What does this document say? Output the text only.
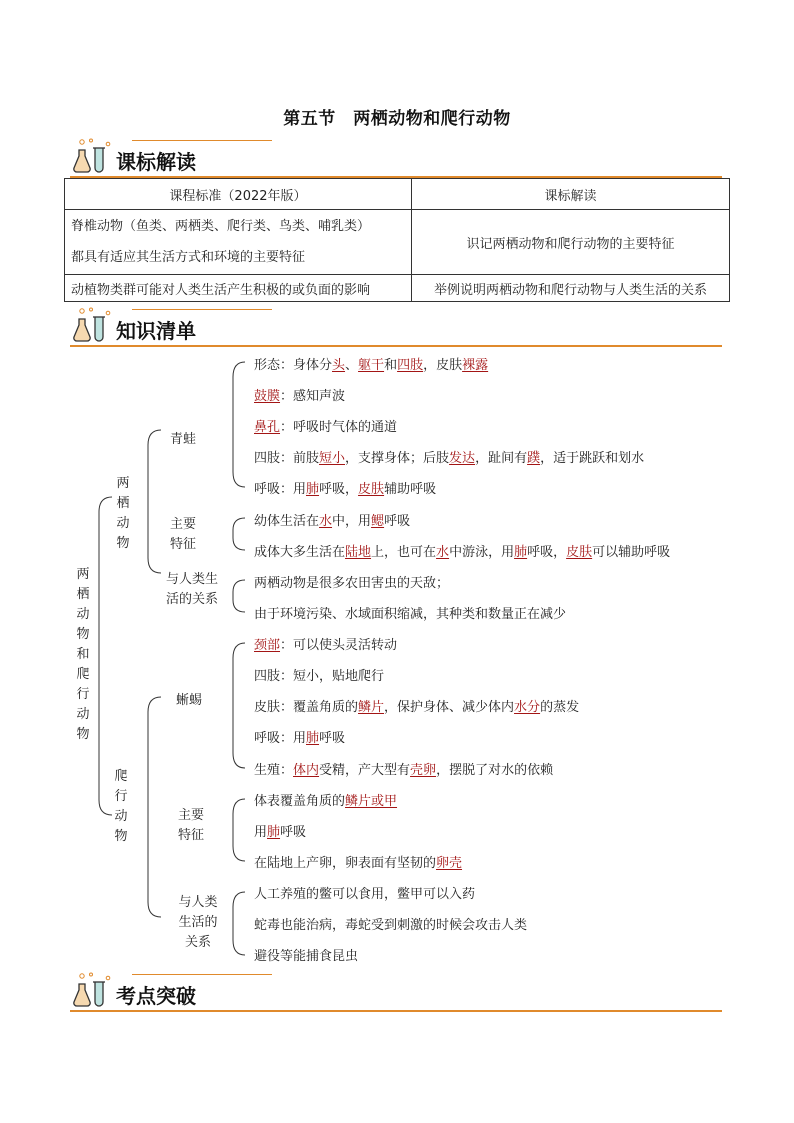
第五节　两栖动物和爬行动物
课标解读
课程标准（2022年版）	课标解读

脊椎动物（鱼类、两栖类、爬行类、鸟类、哺乳类）
都具有适应其生活方式和环境的主要特征	识记两栖动物和爬行动物的主要特征
动植物类群可能对人类生活产生积极的或负面的影响	举例说明两栖动物和爬行动物与人类生活的关系
知识清单
两栖动物和爬行动物
两栖动物
青蛙
主要特征
与人类生活的关系
爬行动物
蜥蜴
主要特征
与人类生活的关系
形态：身体分头、躯干和四肢，皮肤裸露
鼓膜：感知声波
鼻孔：呼吸时气体的通道
四肢：前肢短小，支撑身体；后肢发达，趾间有蹼，适于跳跃和划水
呼吸：用肺呼吸，皮肤辅助呼吸
幼体生活在水中，用鳃呼吸
成体大多生活在陆地上，也可在水中游泳，用肺呼吸，皮肤可以辅助呼吸
两栖动物是很多农田害虫的天敌；
由于环境污染、水域面积缩减，其种类和数量正在减少
颈部：可以使头灵活转动
四肢：短小，贴地爬行
皮肤：覆盖角质的鳞片，保护身体、减少体内水分的蒸发
呼吸：用肺呼吸
生殖：体内受精，产大型有壳卵，摆脱了对水的依赖
体表覆盖角质的鳞片或甲
用肺呼吸
在陆地上产卵，卵表面有坚韧的卵壳
人工养殖的鳖可以食用，鳖甲可以入药
蛇毒也能治病，毒蛇受到刺激的时候会攻击人类
避役等能捕食昆虫
考点突破
